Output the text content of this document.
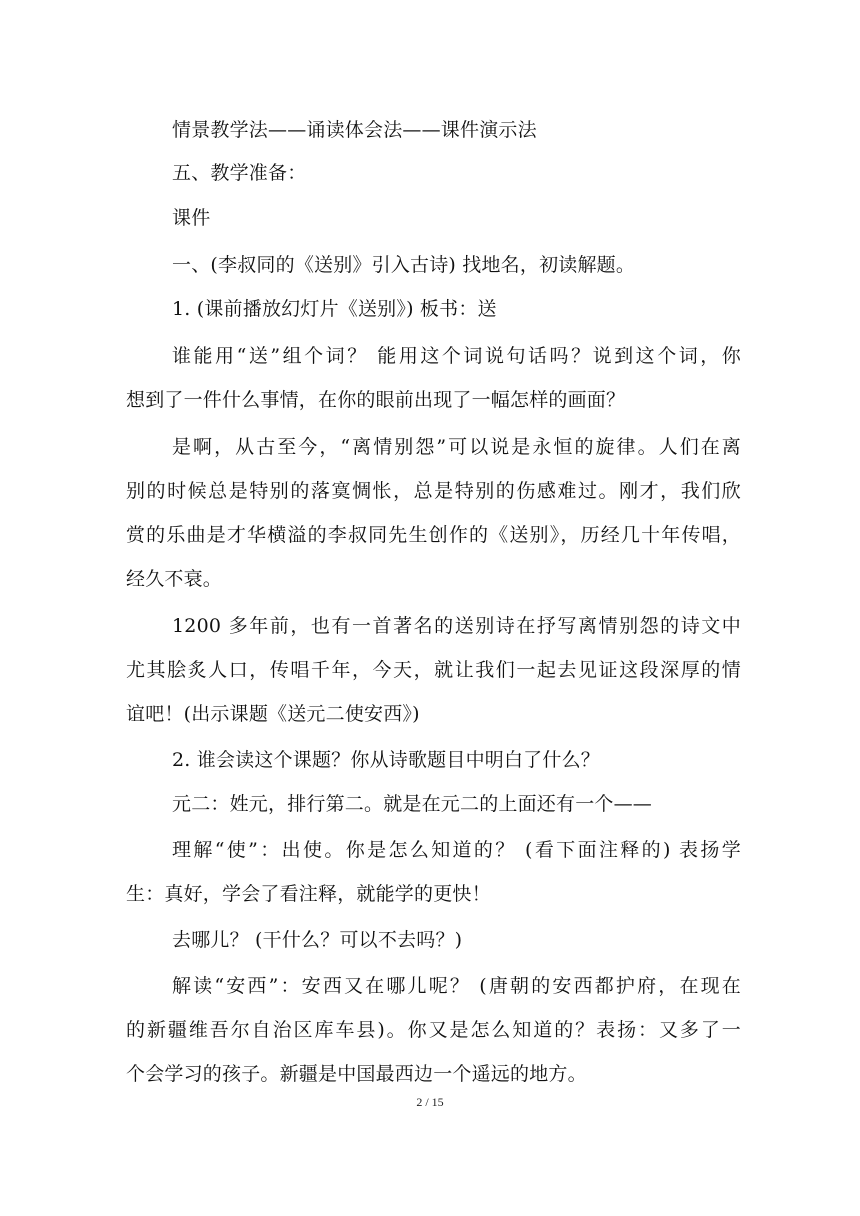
情景教学法——诵读体会法——课件演示法
五、教学准备：
课件
一、(李叔同的《送别》引入古诗) 找地名，初读解题。
1. (课前播放幻灯片《送别》) 板书：送
谁能用“送”组个词？ 能用这个词说句话吗？说到这个词，你
想到了一件什么事情，在你的眼前出现了一幅怎样的画面？
是啊，从古至今，“离情别怨”可以说是永恒的旋律。人们在离
别的时候总是特别的落寞惆怅，总是特别的伤感难过。刚才，我们欣
赏的乐曲是才华横溢的李叔同先生创作的《送别》，历经几十年传唱，
经久不衰。
1200 多年前，也有一首著名的送别诗在抒写离情别怨的诗文中
尤其脍炙人口，传唱千年，今天，就让我们一起去见证这段深厚的情
谊吧！(出示课题《送元二使安西》)
2. 谁会读这个课题？你从诗歌题目中明白了什么？
元二：姓元，排行第二。就是在元二的上面还有一个——
理解“使”：出使。你是怎么知道的？ (看下面注释的) 表扬学
生：真好，学会了看注释，就能学的更快！
去哪儿？ (干什么？可以不去吗？)
解读“安西”：安西又在哪儿呢？ (唐朝的安西都护府，在现在
的新疆维吾尔自治区库车县)。你又是怎么知道的？表扬：又多了一
个会学习的孩子。新疆是中国最西边一个遥远的地方。
2 / 15
